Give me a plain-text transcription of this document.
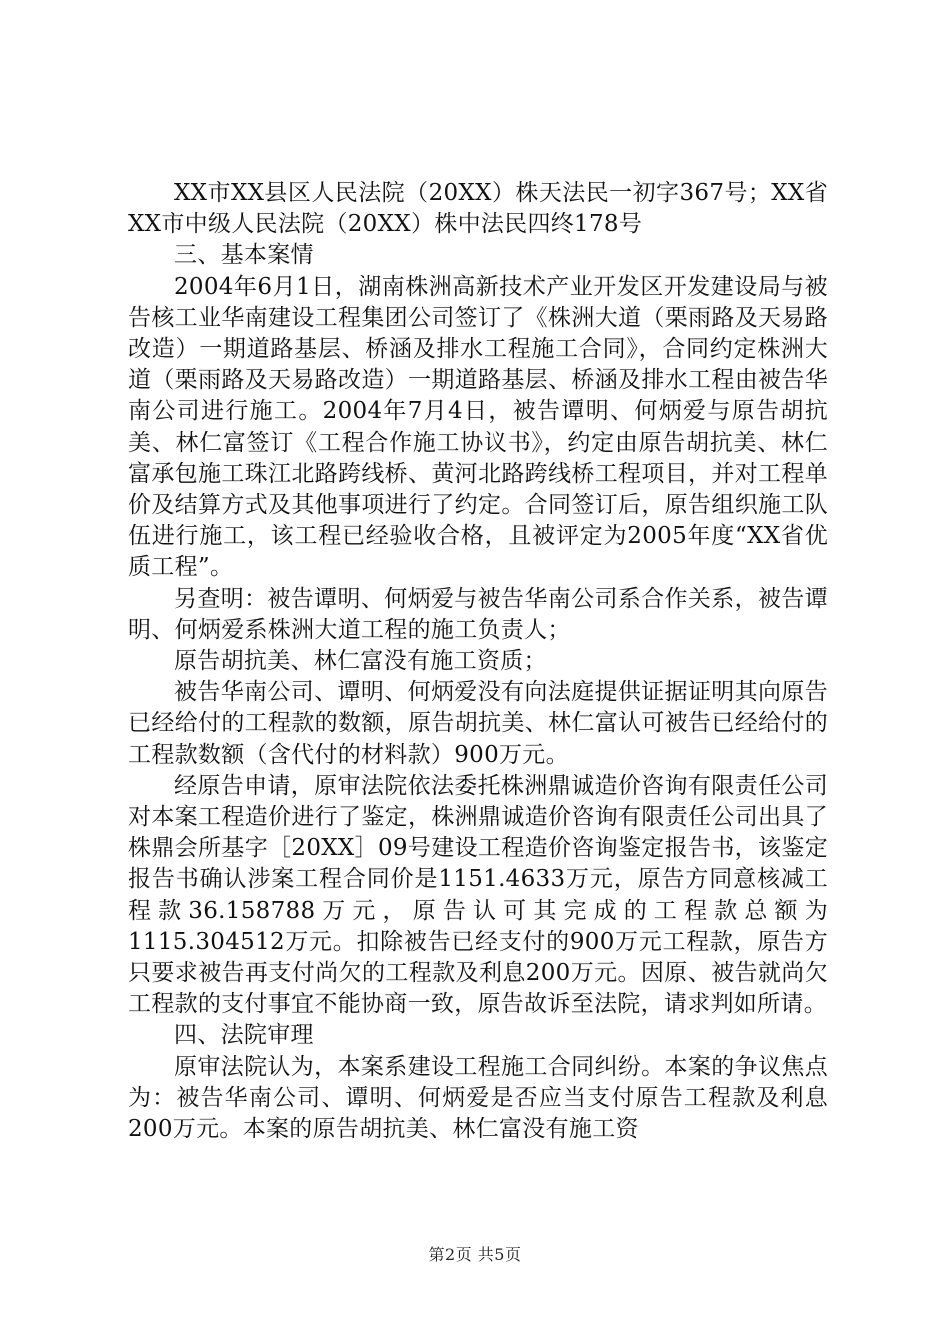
XX市XX县区人民法院（20XX）株天法民一初字367号；XX省XX市中级人民法院（20XX）株中法民四终178号

三、基本案情

2004年6月1日，湖南株洲高新技术产业开发区开发建设局与被告核工业华南建设工程集团公司签订了《株洲大道（栗雨路及天易路改造）一期道路基层、桥涵及排水工程施工合同》，合同约定株洲大道（栗雨路及天易路改造）一期道路基层、桥涵及排水工程由被告华南公司进行施工。2004年7月4日，被告谭明、何炳爱与原告胡抗美、林仁富签订《工程合作施工协议书》，约定由原告胡抗美、林仁富承包施工珠江北路跨线桥、黄河北路跨线桥工程项目，并对工程单价及结算方式及其他事项进行了约定。合同签订后，原告组织施工队伍进行施工，该工程已经验收合格，且被评定为2005年度“XX省优质工程”。

另查明：被告谭明、何炳爱与被告华南公司系合作关系，被告谭明、何炳爱系株洲大道工程的施工负责人；

原告胡抗美、林仁富没有施工资质；

被告华南公司、谭明、何炳爱没有向法庭提供证据证明其向原告已经给付的工程款的数额，原告胡抗美、林仁富认可被告已经给付的工程款数额（含代付的材料款）900万元。

经原告申请，原审法院依法委托株洲鼎诚造价咨询有限责任公司对本案工程造价进行了鉴定，株洲鼎诚造价咨询有限责任公司出具了株鼎会所基字［20XX］09号建设工程造价咨询鉴定报告书，该鉴定报告书确认涉案工程合同价是1151.4633万元，原告方同意核减工程款36.158788万元，原告认可其完成的工程款总额为1115.304512万元。扣除被告已经支付的900万元工程款，原告方只要求被告再支付尚欠的工程款及利息200万元。因原、被告就尚欠工程款的支付事宜不能协商一致，原告故诉至法院，请求判如所请。

四、法院审理

原审法院认为，本案系建设工程施工合同纠纷。本案的争议焦点为：被告华南公司、谭明、何炳爱是否应当支付原告工程款及利息200万元。本案的原告胡抗美、林仁富没有施工资

第2页 共5页
